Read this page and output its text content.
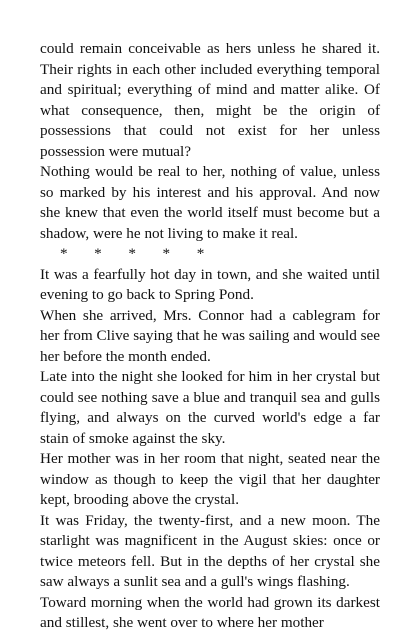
could remain conceivable as hers unless he shared it. Their rights in each other included everything temporal and spiritual; everything of mind and matter alike. Of what consequence, then, might be the origin of possessions that could not exist for her unless possession were mutual?

Nothing would be real to her, nothing of value, unless so marked by his interest and his approval. And now she knew that even the world itself must become but a shadow, were he not living to make it real.

*       *       *       *       *

It was a fearfully hot day in town, and she waited until evening to go back to Spring Pond.

When she arrived, Mrs. Connor had a cablegram for her from Clive saying that he was sailing and would see her before the month ended.

Late into the night she looked for him in her crystal but could see nothing save a blue and tranquil sea and gulls flying, and always on the curved world's edge a far stain of smoke against the sky.

Her mother was in her room that night, seated near the window as though to keep the vigil that her daughter kept, brooding above the crystal.

It was Friday, the twenty-first, and a new moon. The starlight was magnificent in the August skies: once or twice meteors fell. But in the depths of her crystal she saw always a sunlit sea and a gull's wings flashing.

Toward morning when the world had grown its darkest and stillest, she went over to where her mother
